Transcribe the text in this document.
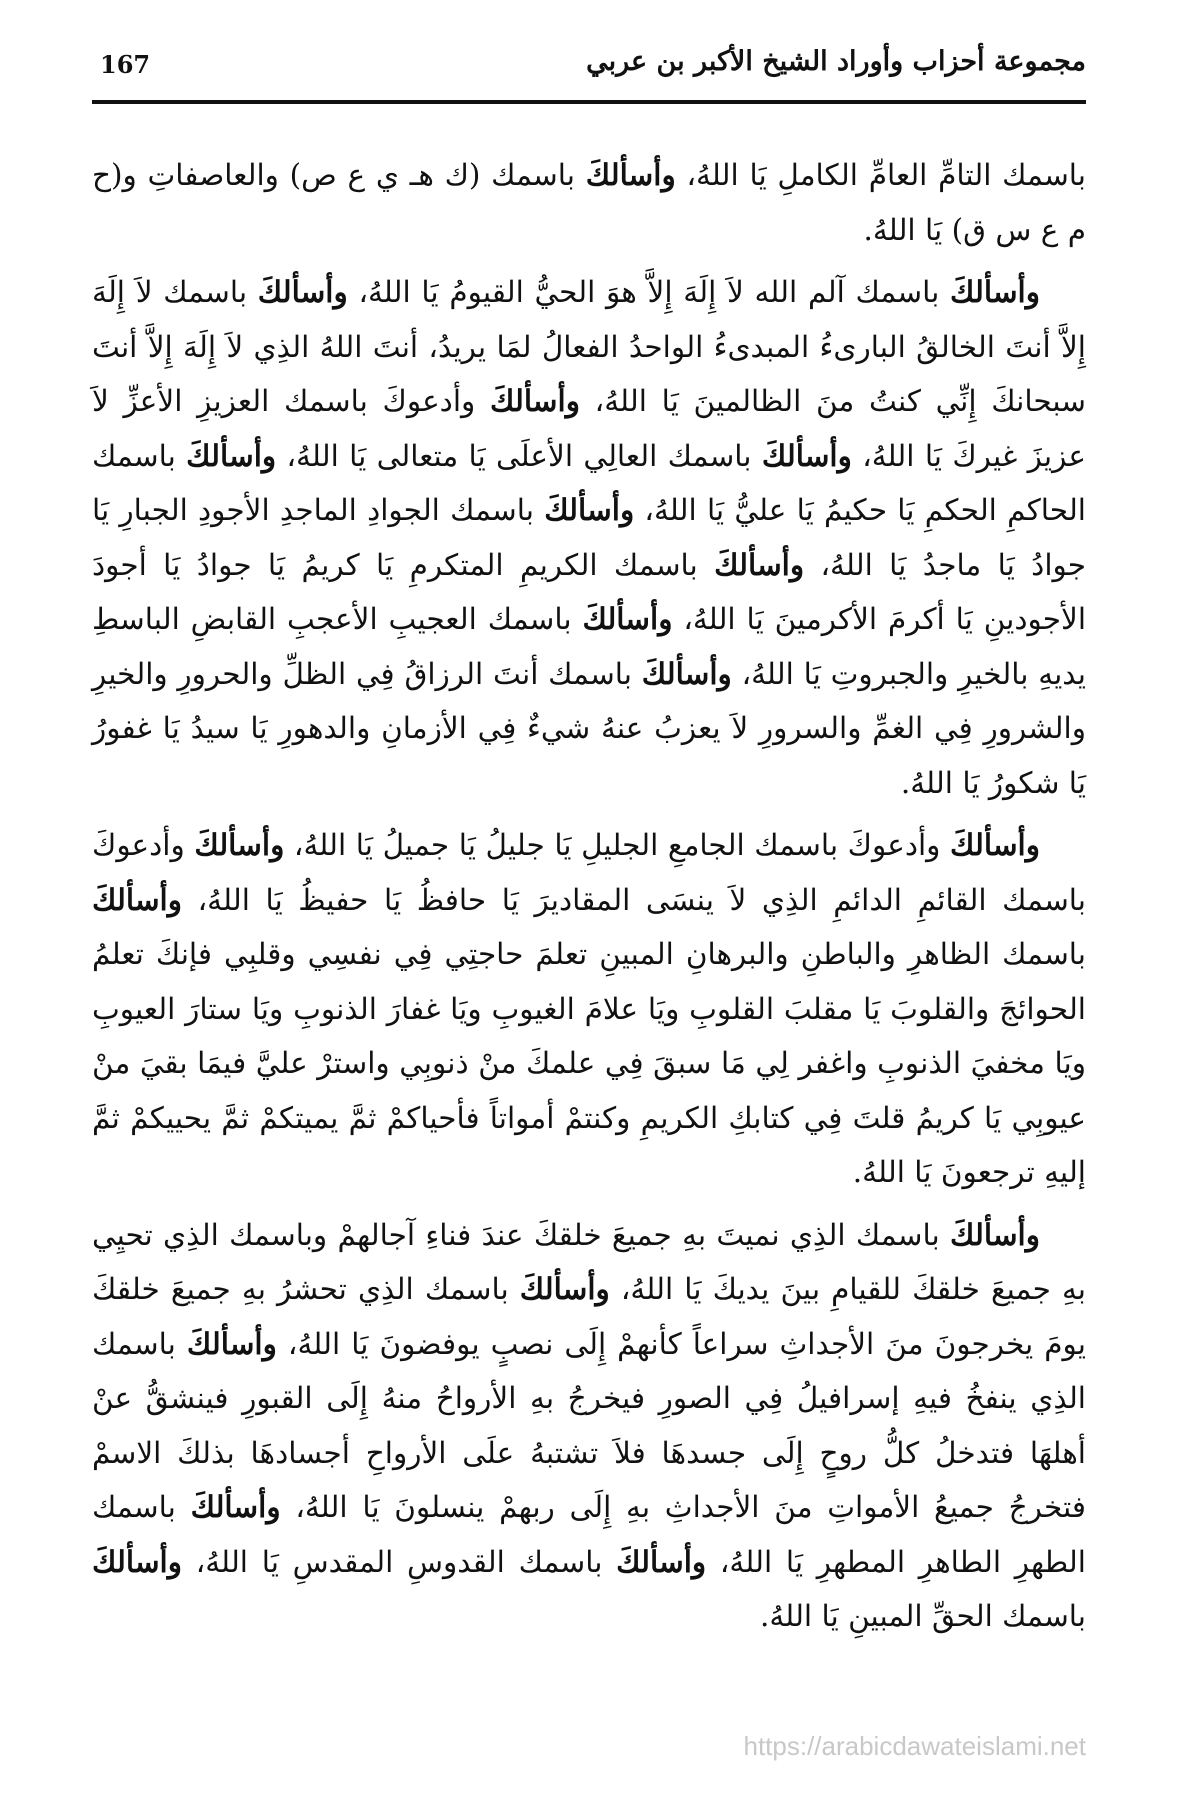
167	مجموعة أحزاب وأوراد الشيخ الأكبر بن عربي

باسمك التامِّ العامِّ الكاملِ يَا اللهُ، وأسألكَ باسمك (ك هـ ي ع ص) والعاصفاتِ و(ح م ع س ق) يَا اللهُ.

وأسألكَ باسمك آلم الله لاَ إِلَهَ إِلاَّ هوَ الحيُّ القيومُ يَا اللهُ، وأسألكَ باسمك لاَ إِلَهَ إِلاَّ أنتَ الخالقُ البارىءُ المبدىءُ الواحدُ الفعالُ لمَا يريدُ، أنتَ اللهُ الذِي لاَ إِلَهَ إِلاَّ أنتَ سبحانكَ إِنِّي كنتُ منَ الظالمينَ يَا اللهُ، وأسألكَ وأدعوكَ باسمك العزيزِ الأعزِّ لاَ عزيزَ غيركَ يَا اللهُ، وأسألكَ باسمك العالِي الأعلَى يَا متعالى يَا اللهُ، وأسألكَ باسمك الحاكمِ الحكمِ يَا حكيمُ يَا عليُّ يَا اللهُ، وأسألكَ باسمك الجوادِ الماجدِ الأجودِ الجبارِ يَا جوادُ يَا ماجدُ يَا اللهُ، وأسألكَ باسمك الكريمِ المتكرمِ يَا كريمُ يَا جوادُ يَا أجودَ الأجودينِ يَا أكرمَ الأكرمينَ يَا اللهُ، وأسألكَ باسمك العجيبِ الأعجبِ القابضِ الباسطِ يديهِ بالخيرِ والجبروتِ يَا اللهُ، وأسألكَ باسمك أنتَ الرزاقُ فِي الظلِّ والحرورِ والخيرِ والشرورِ فِي الغمِّ والسرورِ لاَ يعزبُ عنهُ شيءٌ فِي الأزمانِ والدهورِ يَا سيدُ يَا غفورُ يَا شكورُ يَا اللهُ.

وأسألكَ وأدعوكَ باسمك الجامعِ الجليلِ يَا جليلُ يَا جميلُ يَا اللهُ، وأسألكَ وأدعوكَ باسمك القائمِ الدائمِ الذِي لاَ ينسَى المقاديرَ يَا حافظُ يَا حفيظُ يَا اللهُ، وأسألكَ باسمك الظاهرِ والباطنِ والبرهانِ المبينِ تعلمَ حاجتِي فِي نفسِي وقلبِي فإنكَ تعلمُ الحوائجَ والقلوبَ يَا مقلبَ القلوبِ ويَا علامَ الغيوبِ ويَا غفارَ الذنوبِ ويَا ستارَ العيوبِ ويَا مخفيَ الذنوبِ واغفر لِي مَا سبقَ فِي علمكَ منْ ذنوبِي واسترْ عليَّ فيمَا بقيَ منْ عيوبِي يَا كريمُ قلتَ فِي كتابكِ الكريمِ وكنتمْ أمواتاً فأحياكمْ ثمَّ يميتكمْ ثمَّ يحييكمْ ثمَّ إليهِ ترجعونَ يَا اللهُ.

وأسألكَ باسمك الذِي نميتَ بهِ جميعَ خلقكَ عندَ فناءِ آجالهمْ وباسمك الذِي تحيِي بهِ جميعَ خلقكَ للقيامِ بينَ يديكَ يَا اللهُ، وأسألكَ باسمك الذِي تحشرُ بهِ جميعَ خلقكَ يومَ يخرجونَ منَ الأجداثِ سراعاً كأنهمْ إِلَى نصبٍ يوفضونَ يَا اللهُ، وأسألكَ باسمك الذِي ينفخُ فيهِ إسرافيلُ فِي الصورِ فيخرجُ بهِ الأرواحُ منهُ إِلَى القبورِ فينشقُّ عنْ أهلهَا فتدخلُ كلُّ روحٍ إِلَى جسدهَا فلاَ تشتبهُ علَى الأرواحِ أجسادهَا بذلكَ الاسمْ فتخرجُ جميعُ الأمواتِ منَ الأجداثِ بهِ إِلَى ربهمْ ينسلونَ يَا اللهُ، وأسألكَ باسمك الطهرِ الطاهرِ المطهرِ يَا اللهُ، وأسألكَ باسمك القدوسِ المقدسِ يَا اللهُ، وأسألكَ باسمك الحقِّ المبينِ يَا اللهُ.

https://arabicdawateislami.net
